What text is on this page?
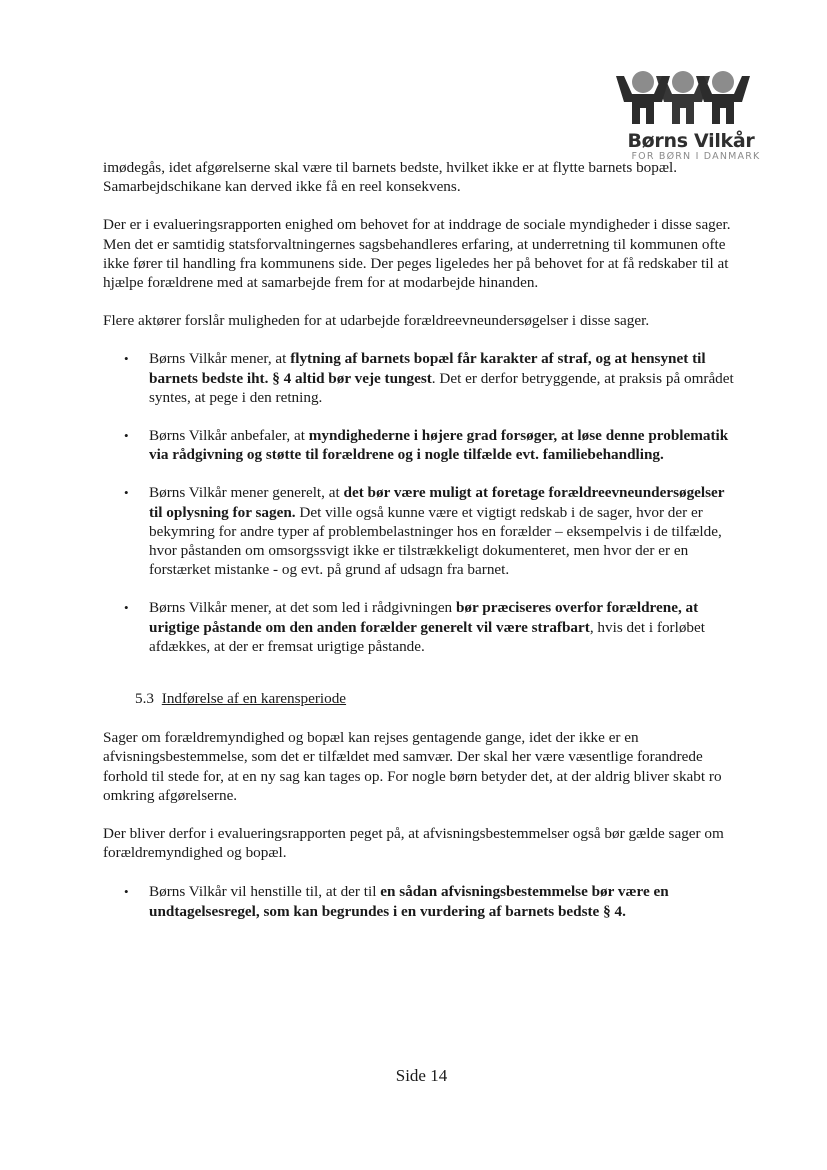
Børns Vilkår
FOR BØRN I DANMARK

imødegås, idet afgørelserne skal være til barnets bedste, hvilket ikke er at flytte barnets bopæl. Samarbejdschikane kan derved ikke få en reel konsekvens.

Der er i evalueringsrapporten enighed om behovet for at inddrage de sociale myndigheder i disse sager. Men det er samtidig statsforvaltningernes sagsbehandleres erfaring, at underretning til kommunen ofte ikke fører til handling fra kommunens side. Der peges ligeledes her på behovet for at få redskaber til at hjælpe forældrene med at samarbejde frem for at modarbejde hinanden.

Flere aktører forslår muligheden for at udarbejde forældreevneundersøgelser i disse sager.

• Børns Vilkår mener, at flytning af barnets bopæl får karakter af straf, og at hensynet til barnets bedste iht. § 4 altid bør veje tungest. Det er derfor betryggende, at praksis på området syntes, at pege i den retning.
• Børns Vilkår anbefaler, at myndighederne i højere grad forsøger, at løse denne problematik via rådgivning og støtte til forældrene og i nogle tilfælde evt. familiebehandling.
• Børns Vilkår mener generelt, at det bør være muligt at foretage forældreevneundersøgelser til oplysning for sagen. Det ville også kunne være et vigtigt redskab i de sager, hvor der er bekymring for andre typer af problembelastninger hos en forælder – eksempelvis i de tilfælde, hvor påstanden om omsorgssvigt ikke er tilstrækkeligt dokumenteret, men hvor der er en forstærket mistanke - og evt. på grund af udsagn fra barnet.
• Børns Vilkår mener, at det som led i rådgivningen bør præciseres overfor forældrene, at urigtige påstande om den anden forælder generelt vil være strafbart, hvis det i forløbet afdækkes, at der er fremsat urigtige påstande.

5.3 Indførelse af en karensperiode

Sager om forældremyndighed og bopæl kan rejses gentagende gange, idet der ikke er en afvisningsbestemmelse, som det er tilfældet med samvær. Der skal her være væsentlige forandrede forhold til stede for, at en ny sag kan tages op. For nogle børn betyder det, at der aldrig bliver skabt ro omkring afgørelserne.

Der bliver derfor i evalueringsrapporten peget på, at afvisningsbestemmelser også bør gælde sager om forældremyndighed og bopæl.

• Børns Vilkår vil henstille til, at der til en sådan afvisningsbestemmelse bør være en undtagelsesregel, som kan begrundes i en vurdering af barnets bedste § 4.
Side 14
